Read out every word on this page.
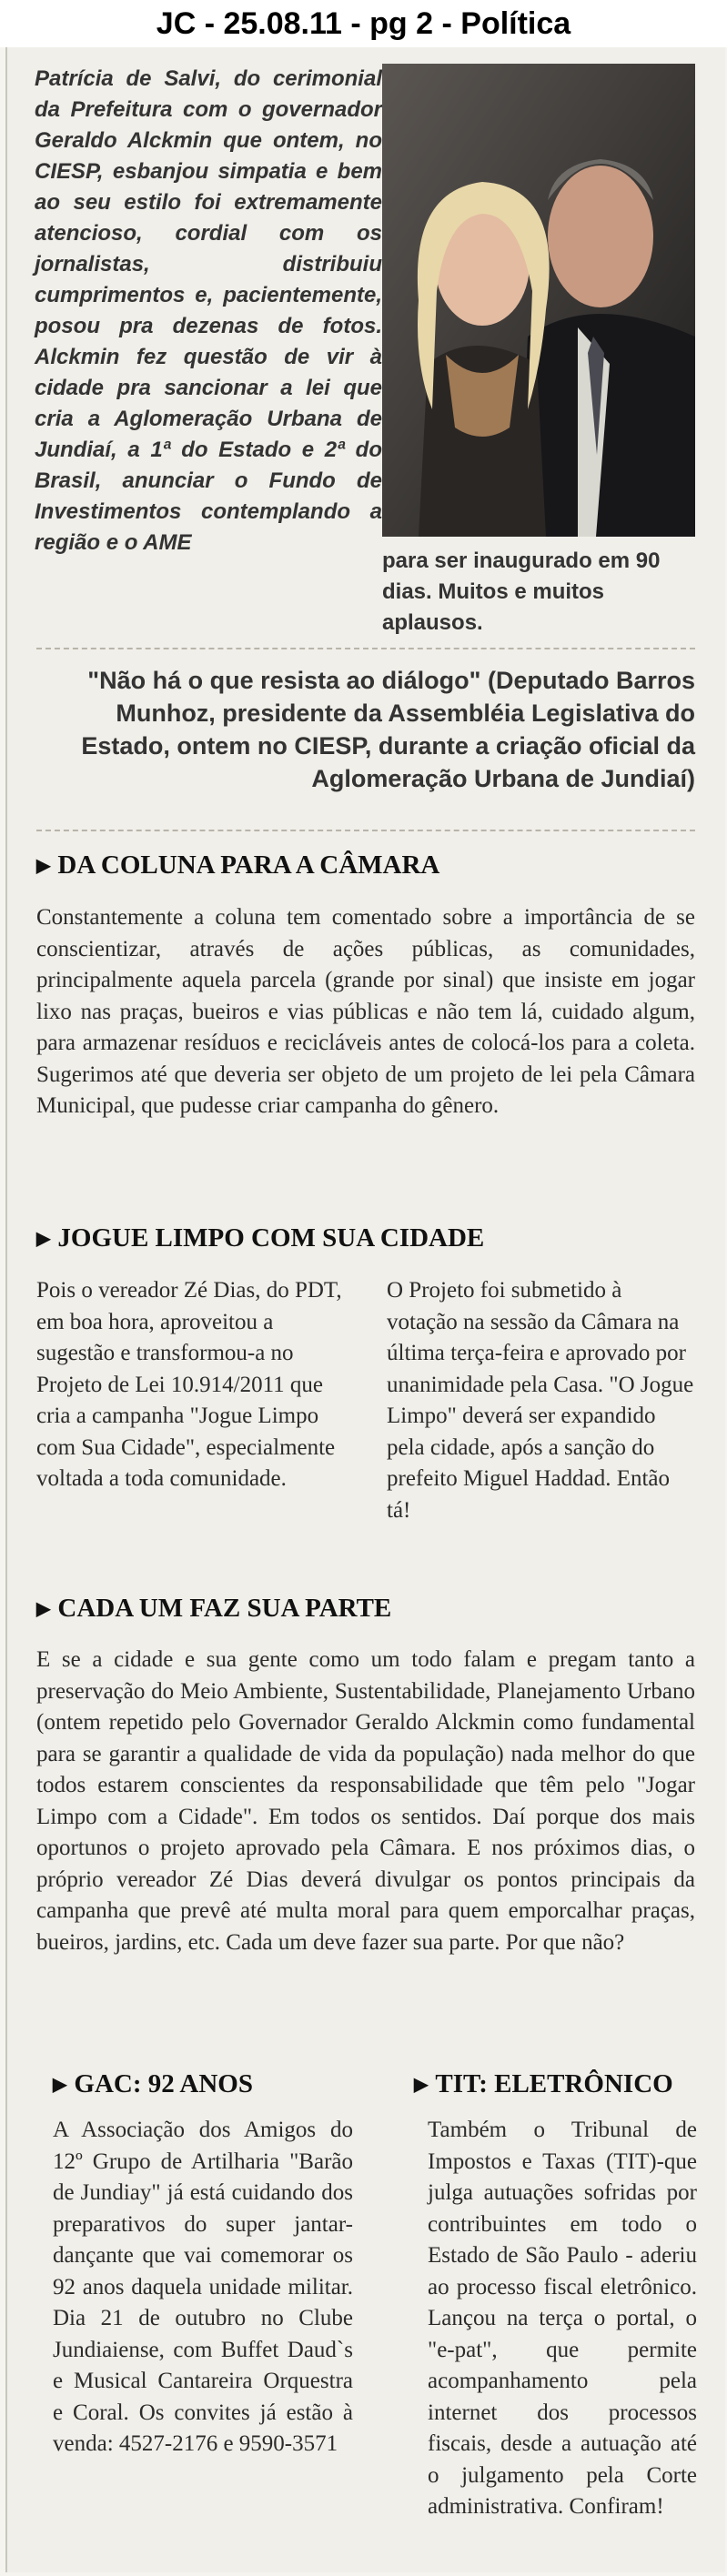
JC - 25.08.11 - pg 2 - Política
Patrícia de Salvi, do cerimonial da Prefeitura com o governador Geraldo Alckmin que ontem, no CIESP, esbanjou simpatia e bem ao seu estilo foi extremamente atencioso, cordial com os jornalistas, distribuiu cumprimentos e, pacientemente, posou pra dezenas de fotos. Alckmin fez questão de vir à cidade pra sancionar a lei que cria a Aglomeração Urbana de Jundiaí, a 1ª do Estado e 2ª do Brasil, anunciar o Fundo de Investimentos contemplando a região e o AME
para ser inaugurado em 90 dias. Muitos e muitos aplausos.
"Não há o que resista ao diálogo" (Deputado Barros Munhoz, presidente da Assembléia Legislativa do Estado, ontem no CIESP, durante a criação oficial da Aglomeração Urbana de Jundiaí)
▶ DA COLUNA PARA A CÂMARA
Constantemente a coluna tem comentado sobre a importância de se conscientizar, através de ações públicas, as comunidades, principalmente aquela parcela (grande por sinal) que insiste em jogar lixo nas praças, bueiros e vias públicas e não tem lá, cuidado algum, para armazenar resíduos e recicláveis antes de colocá-los para a coleta. Sugerimos até que deveria ser objeto de um projeto de lei pela Câmara Municipal, que pudesse criar campanha do gênero.
▶ JOGUE LIMPO COM SUA CIDADE
Pois o vereador Zé Dias, do PDT, em boa hora, aproveitou a sugestão e transformou-a no Projeto de Lei 10.914/2011 que cria a campanha "Jogue Limpo com Sua Cidade", especialmente voltada a toda comunidade.
O Projeto foi submetido à votação na sessão da Câmara na última terça-feira e aprovado por unanimidade pela Casa. "O Jogue Limpo" deverá ser expandido pela cidade, após a sanção do prefeito Miguel Haddad. Então tá!
▶ CADA UM FAZ SUA PARTE
E se a cidade e sua gente como um todo falam e pregam tanto a preservação do Meio Ambiente, Sustentabilidade, Planejamento Urbano (ontem repetido pelo Governador Geraldo Alckmin como fundamental para se garantir a qualidade de vida da população) nada melhor do que todos estarem conscientes da responsabilidade que têm pelo "Jogar Limpo com a Cidade". Em todos os sentidos. Daí porque dos mais oportunos o projeto aprovado pela Câmara. E nos próximos dias, o próprio vereador Zé Dias deverá divulgar os pontos principais da campanha que prevê até multa moral para quem emporcalhar praças, bueiros, jardins, etc. Cada um deve fazer sua parte. Por que não?
▶ GAC: 92 ANOS
A Associação dos Amigos do 12º Grupo de Artilharia "Barão de Jundiay" já está cuidando dos preparativos do super jantar-dançante que vai comemorar os 92 anos daquela unidade militar. Dia 21 de outubro no Clube Jundiaiense, com Buffet Daud`s e Musical Cantareira Orquestra e Coral. Os convites já estão à venda: 4527-2176 e 9590-3571
▶ TIT: ELETRÔNICO
Também o Tribunal de Impostos e Taxas (TIT)-que julga autuações sofridas por contribuintes em todo o Estado de São Paulo - aderiu ao processo fiscal eletrônico. Lançou na terça o portal, o "e-pat", que permite acompanhamento pela internet dos processos fiscais, desde a autuação até o julgamento pela Corte administrativa. Confiram!
